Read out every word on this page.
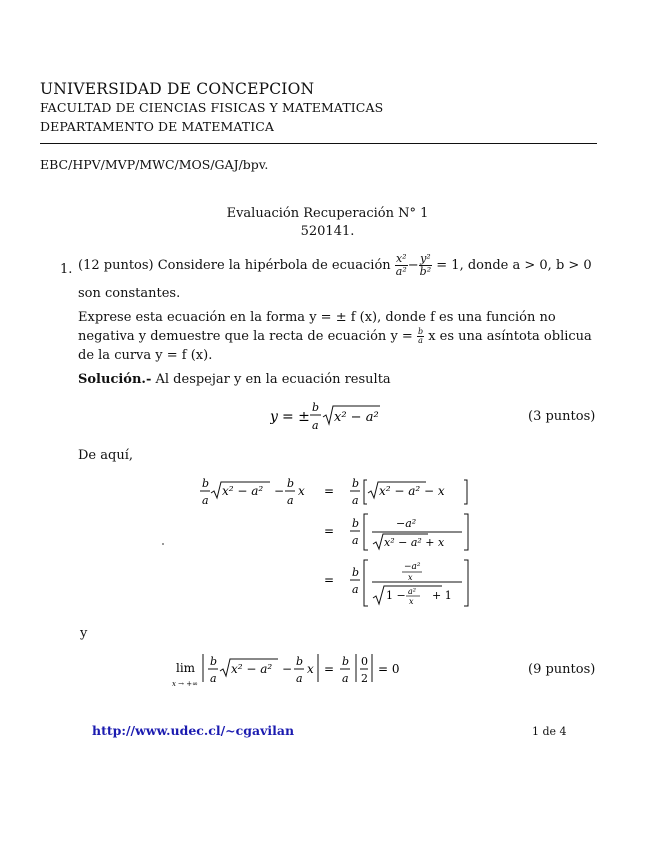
UNIVERSIDAD DE CONCEPCION
FACULTAD DE CIENCIAS FISICAS Y MATEMATICAS
DEPARTAMENTO DE MATEMATICA
EBC/HPV/MVP/MWC/MOS/GAJ/bpv.
Evaluación Recuperación N° 1
520141.
1. (12 puntos) Considere la hipérbola de ecuación $\frac{\text{x²}}{\text{a²}} - \frac{\text{y²}}{\text{b²}} = 1$, donde a > 0, b > 0
son constantes.
Exprese esta ecuación en la forma y = ± f (x), donde f es una función no
negativa y demuestre que la recta de ecuación $y = \frac{b}{a}$ x es una asíntota oblicua
de la curva y = f (x).
Solución.- Al despejar y en la ecuación resulta
y = ±
b
a
x² − a²	(3 puntos)
De aquí,
b
a
x² − a² −
b
a
x =
b
a
x² − a² − x
=
b
a
−a²
x² − a² + x
=
b
a
−a²
x
1 − a²
x + 1
y
lim
x → +∞
b
a
x² − a² −
b
a
x =
b
a
0
2
= 0	(9 puntos)
http://www.udec.cl/~cgavilan	1 de 4
